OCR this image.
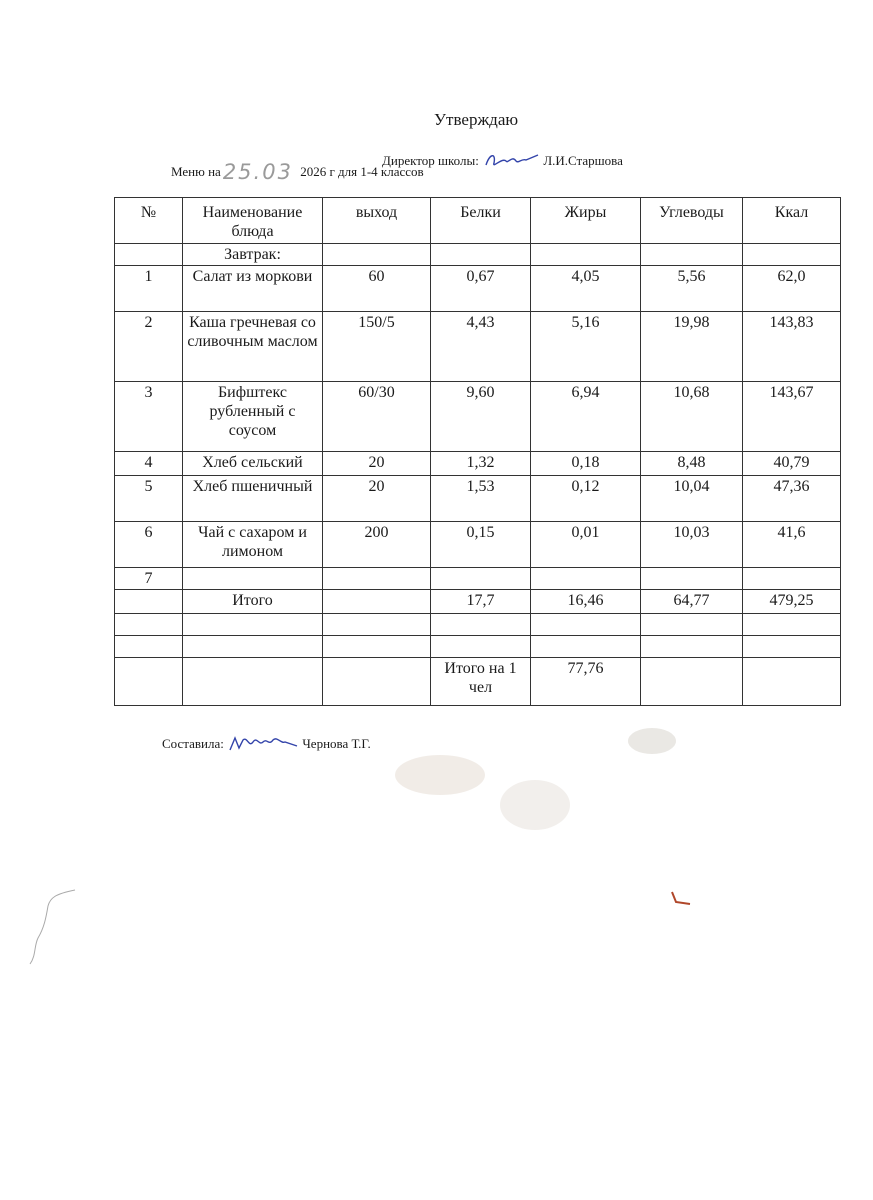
Утверждаю
Директор школы:	Л.И.Старшова
Меню на25.03 2026 г для 1-4 классов
№	Наименование блюда	выход	Белки	Жиры	Углеводы	Ккал
	Завтрак:					
1	Салат из моркови	60	0,67	4,05	5,56	62,0
2	Каша гречневая со сливочным маслом	150/5	4,43	5,16	19,98	143,83
3	Бифштекс рубленный с соусом	60/30	9,60	6,94	10,68	143,67
4	Хлеб сельский	20	1,32	0,18	8,48	40,79
5	Хлеб пшеничный	20	1,53	0,12	10,04	47,36
6	Чай с сахаром и лимоном	200	0,15	0,01	10,03	41,6
7						
	Итого		17,7	16,46	64,77	479,25

			Итого на 1 чел	77,76		
Составила:	Чернова Т.Г.
